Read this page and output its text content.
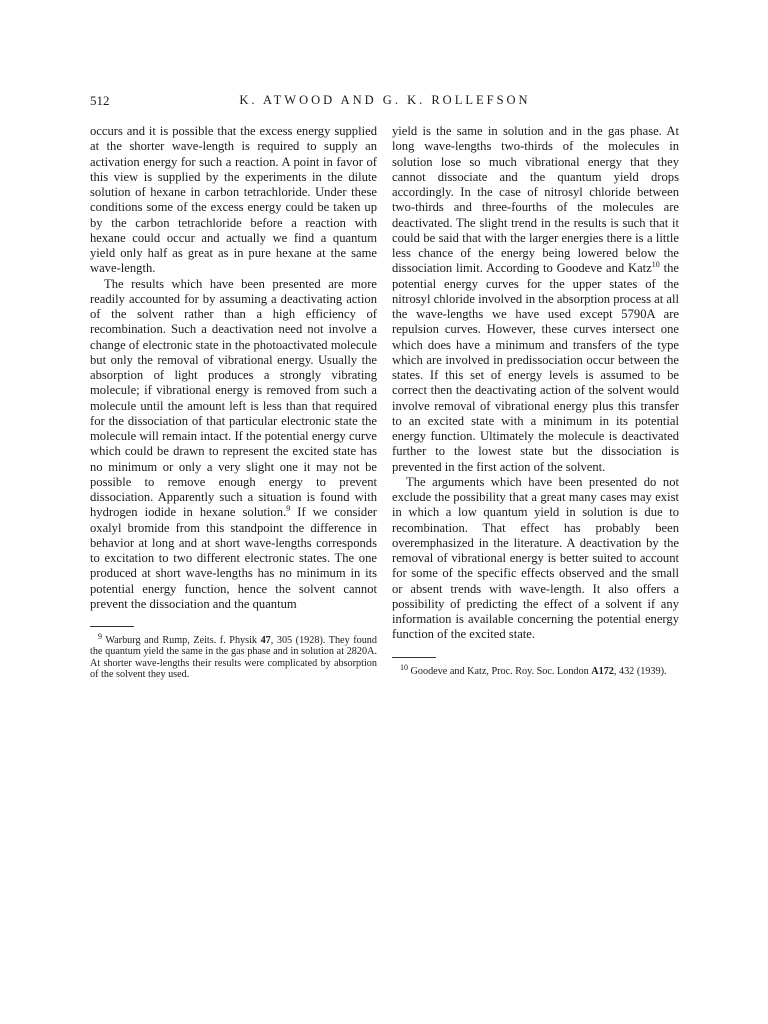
512	K. ATWOOD AND G. K. ROLLEFSON

occurs and it is possible that the excess energy supplied at the shorter wave-length is required to supply an activation energy for such a reaction. A point in favor of this view is supplied by the experiments in the dilute solution of hexane in carbon tetrachloride. Under these conditions some of the excess energy could be taken up by the carbon tetrachloride before a reaction with hexane could occur and actually we find a quantum yield only half as great as in pure hexane at the same wave-length.

The results which have been presented are more readily accounted for by assuming a deactivating action of the solvent rather than a high efficiency of recombination. Such a deactivation need not involve a change of electronic state in the photoactivated molecule but only the removal of vibrational energy. Usually the absorption of light produces a strongly vibrating molecule; if vibrational energy is removed from such a molecule until the amount left is less than that required for the dissociation of that particular electronic state the molecule will remain intact. If the potential energy curve which could be drawn to represent the excited state has no minimum or only a very slight one it may not be possible to remove enough energy to prevent dissociation. Apparently such a situation is found with hydrogen iodide in hexane solution.$^9$ If we consider oxalyl bromide from this standpoint the difference in behavior at long and at short wave-lengths corresponds to excitation to two different electronic states. The one produced at short wave-lengths has no minimum in its potential energy function, hence the solvent cannot prevent the dissociation and the quantum

$^9$ Warburg and Rump, Zeits. f. Physik 47, 305 (1928). They found the quantum yield the same in the gas phase and in solution at 2820A. At shorter wave-lengths their results were complicated by absorption of the solvent they used.

yield is the same in solution and in the gas phase. At long wave-lengths two-thirds of the molecules in solution lose so much vibrational energy that they cannot dissociate and the quantum yield drops accordingly. In the case of nitrosyl chloride between two-thirds and three-fourths of the molecules are deactivated. The slight trend in the results is such that it could be said that with the larger energies there is a little less chance of the energy being lowered below the dissociation limit. According to Goodeve and Katz$^{10}$ the potential energy curves for the upper states of the nitrosyl chloride involved in the absorption process at all the wave-lengths we have used except 5790A are repulsion curves. However, these curves intersect one which does have a minimum and transfers of the type which are involved in predissociation occur between the states. If this set of energy levels is assumed to be correct then the deactivating action of the solvent would involve removal of vibrational energy plus this transfer to an excited state with a minimum in its potential energy function. Ultimately the molecule is deactivated further to the lowest state but the dissociation is prevented in the first action of the solvent.

The arguments which have been presented do not exclude the possibility that a great many cases may exist in which a low quantum yield in solution is due to recombination. That effect has probably been overemphasized in the literature. A deactivation by the removal of vibrational energy is better suited to account for some of the specific effects observed and the small or absent trends with wave-length. It also offers a possibility of predicting the effect of a solvent if any information is available concerning the potential energy function of the excited state.

$^{10}$ Goodeve and Katz, Proc. Roy. Soc. London A172, 432 (1939).
